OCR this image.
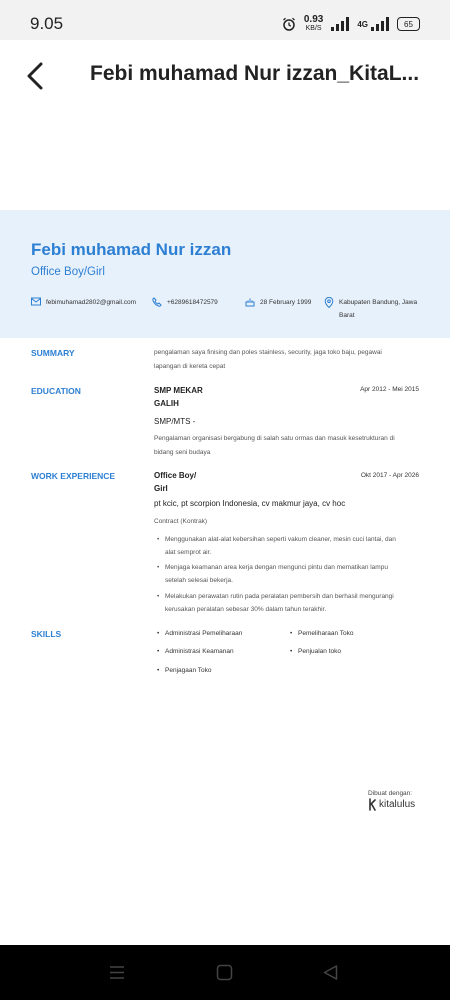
9.05	0.93
KB/S	4G	65
Febi muhamad Nur izzan_KitaL...
Febi muhamad Nur izzan
Office Boy/Girl
febimuhamad2802@gmail.com	+6289618472579	28 February 1999	Kabupaten Bandung, Jawa
Barat
SUMMARY	pengalaman saya finising dan poles stainless, security, jaga toko baju, pegawai
lapangan di kereta cepat
EDUCATION	SMP MEKAR
GALIH
Apr 2012 - Mei 2015
SMP/MTS -
Pengalaman organisasi bergabung di salah satu ormas dan masuk kesetrukturan di
bidang seni budaya
WORK EXPERIENCE	Office Boy/
Girl
Okt 2017 - Apr 2026
pt kcic, pt scorpion Indonesia, cv makmur jaya, cv hoc
Contract (Kontrak)
• Menggunakan alat-alat kebersihan seperti vakum cleaner, mesin cuci lantai, dan
alat semprot air.
• Menjaga keamanan area kerja dengan mengunci pintu dan mematikan lampu
setelah selesai bekerja.
• Melakukan perawatan rutin pada peralatan pembersih dan berhasil mengurangi
kerusakan peralatan sebesar 30% dalam tahun terakhir.
SKILLS	• Administrasi Pemeliharaan	• Pemeliharaan Toko
• Administrasi Keamanan	• Penjualan toko
• Penjagaan Toko
Dibuat dengan:
kitalulus
